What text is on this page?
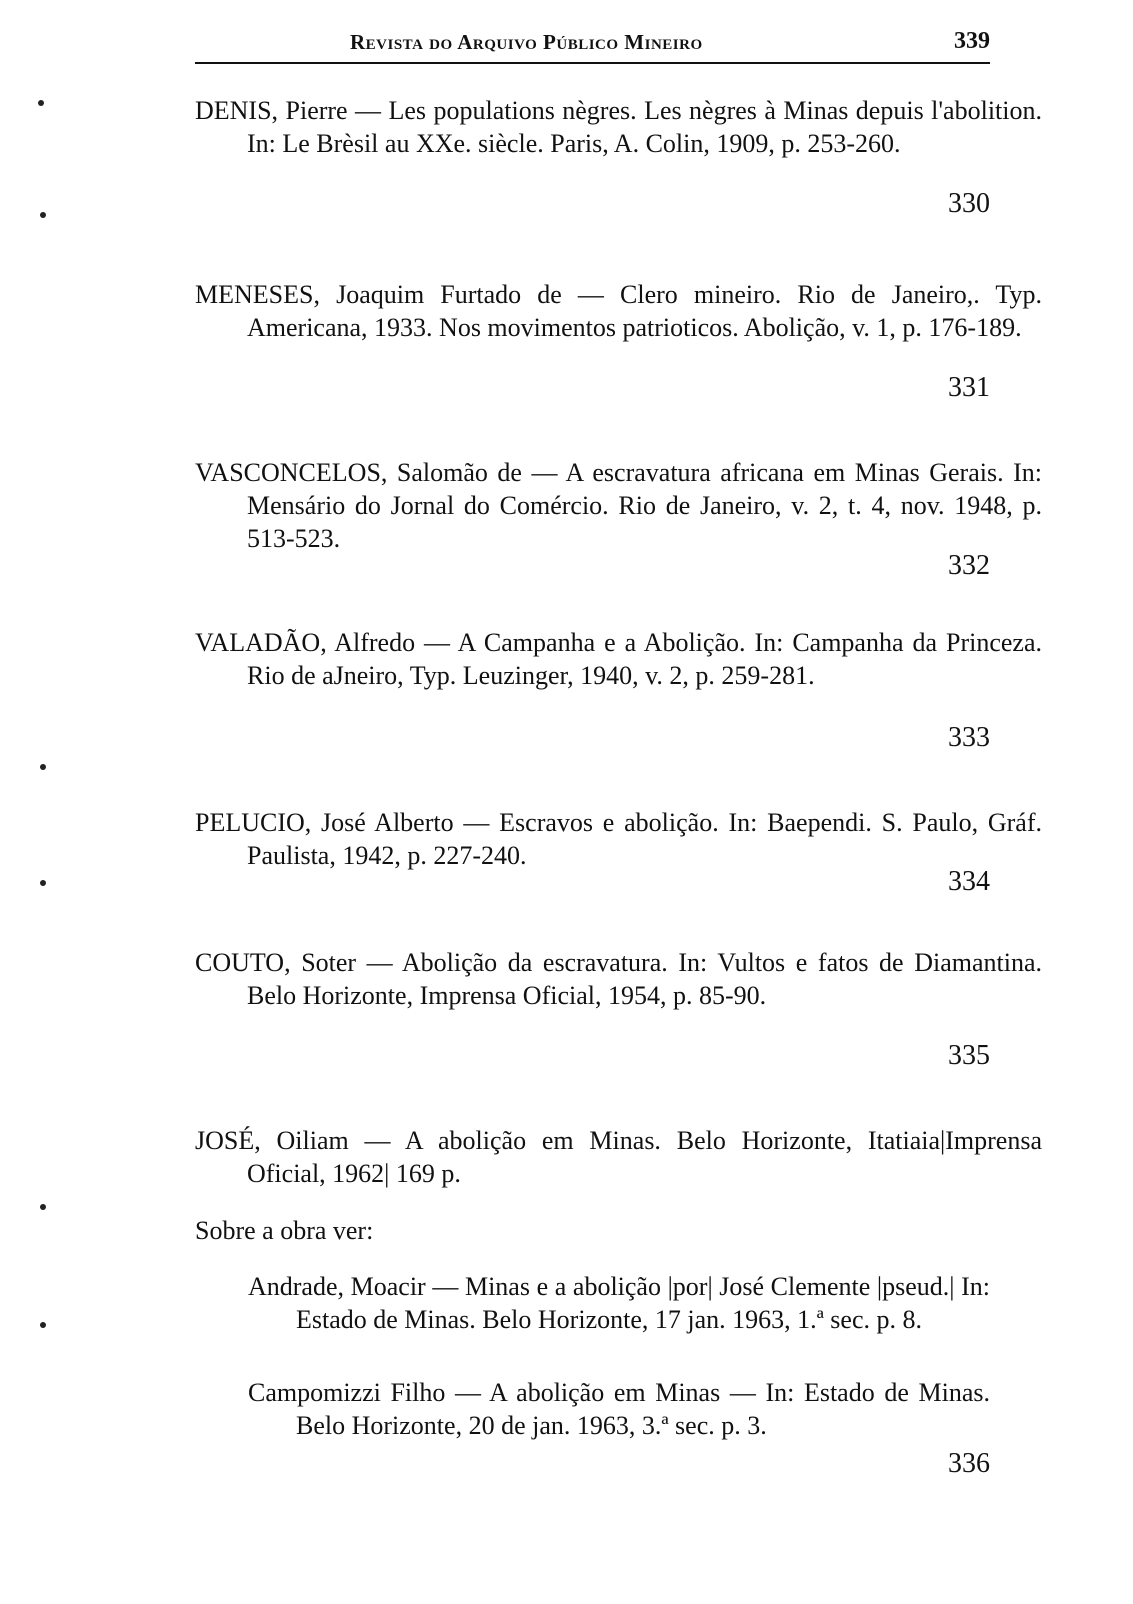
Revista do Arquivo Público Mineiro	339

DENIS, Pierre — Les populations nègres. Les nègres à Minas depuis l'abolition. In: Le Brèsil au XXe. siècle. Paris, A. Colin, 1909, p. 253-260.

330

MENESES, Joaquim Furtado de — Clero mineiro. Rio de Janeiro,. Typ. Americana, 1933. Nos movimentos patrioticos. Abolição, v. 1, p. 176-189.

331

VASCONCELOS, Salomão de — A escravatura africana em Minas Gerais. In: Mensário do Jornal do Comércio. Rio de Janeiro, v. 2, t. 4, nov. 1948, p. 513-523.

332

VALADÃO, Alfredo — A Campanha e a Abolição. In: Campanha da Princeza. Rio de aJneiro, Typ. Leuzinger, 1940, v. 2, p. 259-281.

333

PELUCIO, José Alberto — Escravos e abolição. In: Baependi. S. Paulo, Gráf. Paulista, 1942, p. 227-240.

334

COUTO, Soter — Abolição da escravatura. In: Vultos e fatos de Diamantina. Belo Horizonte, Imprensa Oficial, 1954, p. 85-90.

335

JOSÉ, Oiliam — A abolição em Minas. Belo Horizonte, Itatiaia|Imprensa Oficial, 1962| 169 p.

Sobre a obra ver:
Andrade, Moacir — Minas e a abolição |por| José Clemente |pseud.| In: Estado de Minas. Belo Horizonte, 17 jan. 1963, 1.ª sec. p. 8.
Campomizzi Filho — A abolição em Minas — In: Estado de Minas. Belo Horizonte, 20 de jan. 1963, 3.ª sec. p. 3.
336
